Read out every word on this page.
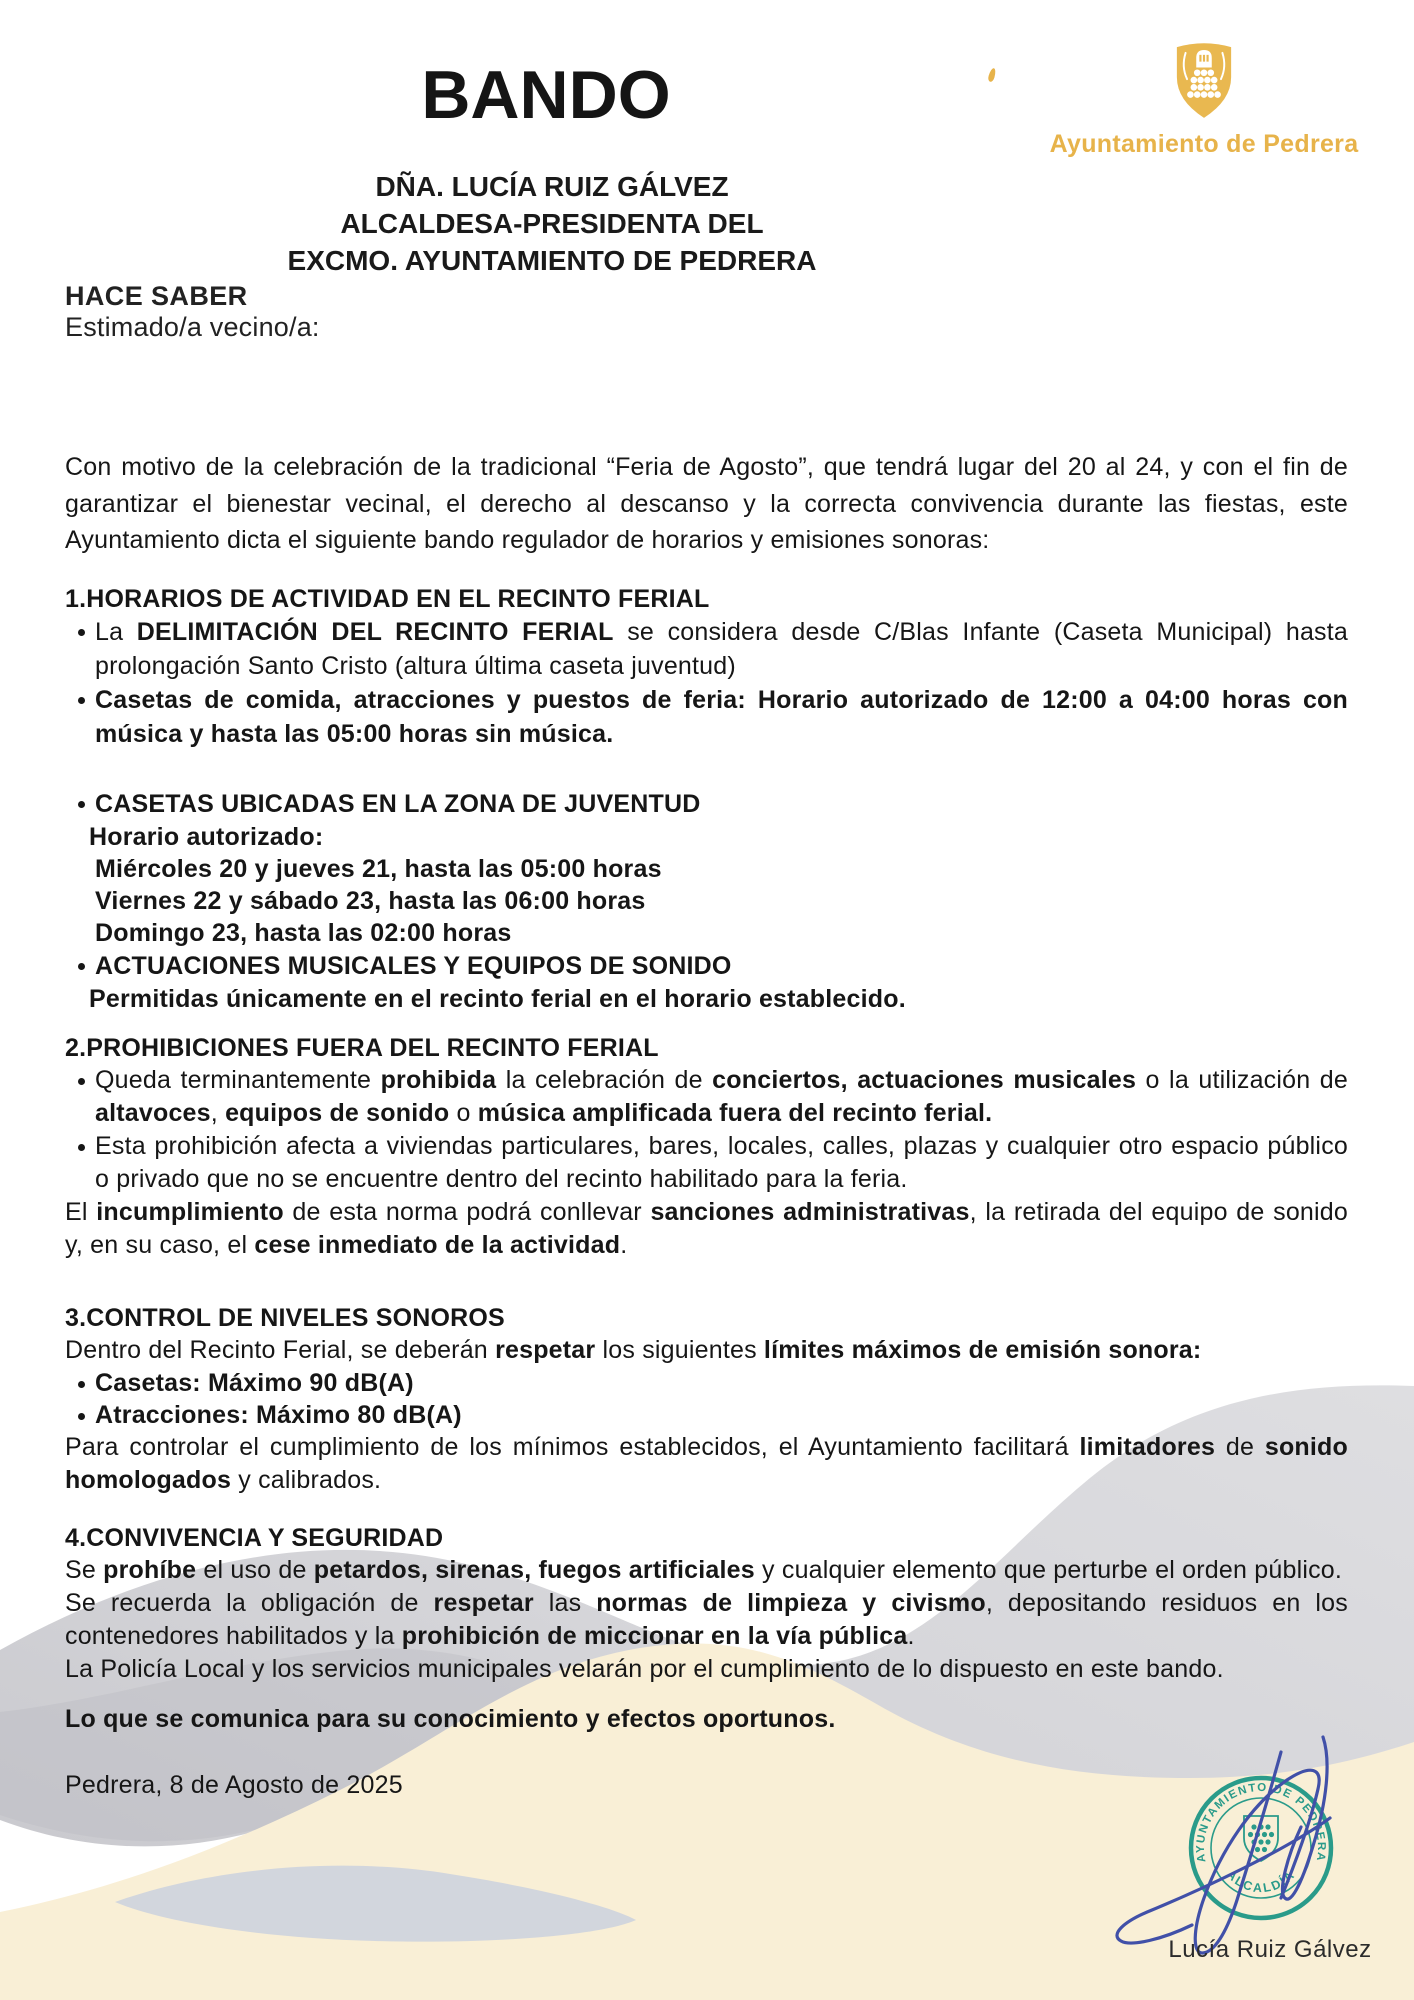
BANDO
Ayuntamiento de Pedrera
DÑA. LUCÍA RUIZ GÁLVEZ
ALCALDESA-PRESIDENTA DEL
EXCMO. AYUNTAMIENTO DE PEDRERA
HACE SABER
Estimado/a vecino/a:

Con motivo de la celebración de la tradicional “Feria de Agosto”, que tendrá lugar del 20 al 24, y con el fin de garantizar el bienestar vecinal, el derecho al descanso y la correcta convivencia durante las fiestas, este Ayuntamiento dicta el siguiente bando regulador de horarios y emisiones sonoras:

1.HORARIOS DE ACTIVIDAD EN EL RECINTO FERIAL
La DELIMITACIÓN DEL RECINTO FERIAL se considera desde C/Blas Infante (Caseta Municipal) hasta prolongación Santo Cristo (altura última caseta juventud)
Casetas de comida, atracciones y puestos de feria: Horario autorizado de 12:00 a 04:00 horas con música y hasta las 05:00 horas sin música.
CASETAS UBICADAS EN LA ZONA DE JUVENTUD
Horario autorizado:
Miércoles 20 y jueves 21, hasta las 05:00 horas
Viernes 22 y sábado 23, hasta las 06:00 horas
Domingo 23, hasta las 02:00 horas
ACTUACIONES MUSICALES Y EQUIPOS DE SONIDO
Permitidas únicamente en el recinto ferial en el horario establecido.
2.PROHIBICIONES FUERA DEL RECINTO FERIAL
Queda terminantemente prohibida la celebración de conciertos, actuaciones musicales o la utilización de altavoces, equipos de sonido o música amplificada fuera del recinto ferial.
Esta prohibición afecta a viviendas particulares, bares, locales, calles, plazas y cualquier otro espacio público o privado que no se encuentre dentro del recinto habilitado para la feria.

El incumplimiento de esta norma podrá conllevar sanciones administrativas, la retirada del equipo de sonido y, en su caso, el cese inmediato de la actividad.

3.CONTROL DE NIVELES SONOROS

Dentro del Recinto Ferial, se deberán respetar los siguientes límites máximos de emisión sonora:

Casetas: Máximo 90 dB(A)
Atracciones: Máximo 80 dB(A)

Para controlar el cumplimiento de los mínimos establecidos, el Ayuntamiento facilitará limitadores de sonido homologados y calibrados.

4.CONVIVENCIA Y SEGURIDAD

Se prohíbe el uso de petardos, sirenas, fuegos artificiales y cualquier elemento que perturbe el orden público.

Se recuerda la obligación de respetar las normas de limpieza y civismo, depositando residuos en los contenedores habilitados y la prohibición de miccionar en la vía pública.

La Policía Local y los servicios municipales velarán por el cumplimiento de lo dispuesto en este bando.

Lo que se comunica para su conocimiento y efectos oportunos.

Pedrera, 8 de Agosto de 2025
AYUNTAMIENTO DE PEDRERA
ALCALDÍA
Lucía Ruiz Gálvez
